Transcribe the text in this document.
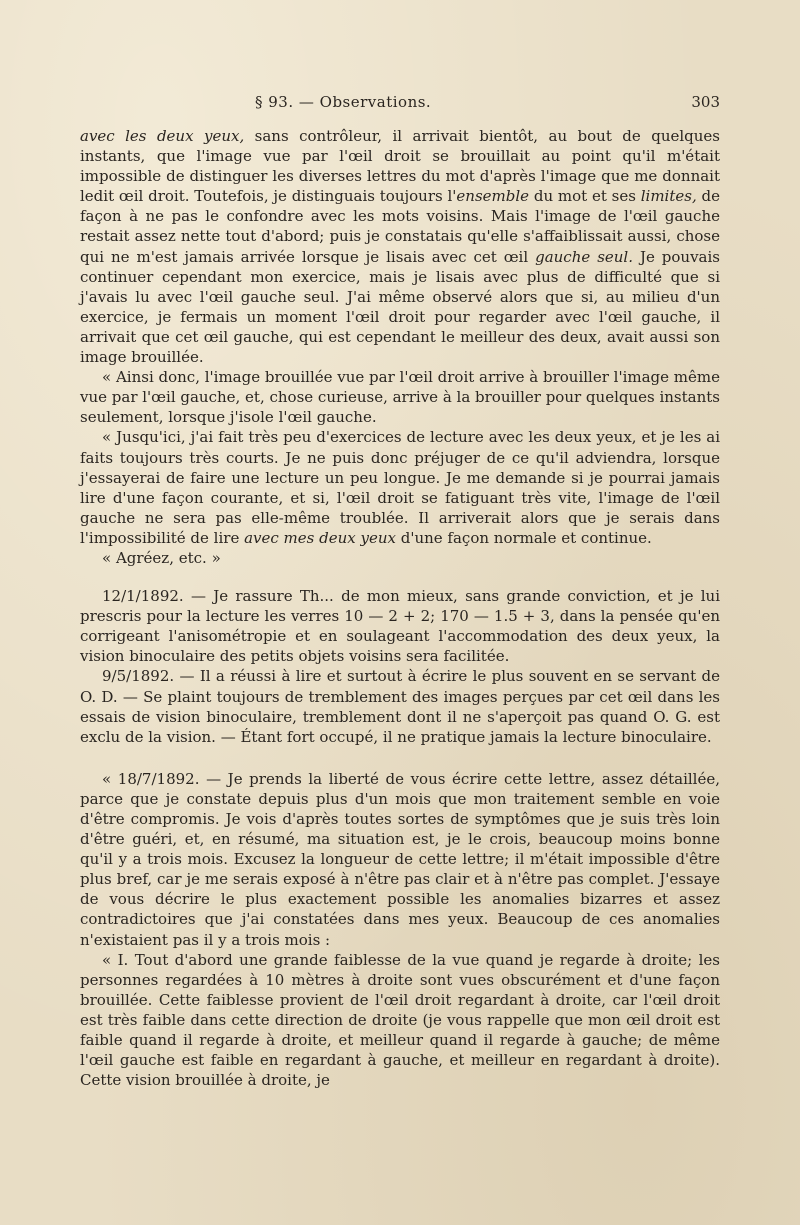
§ 93. — Observations.	303

avec les deux yeux, sans contrôleur, il arrivait bientôt, au bout de quelques instants, que l'image vue par l'œil droit se brouillait au point qu'il m'était impossible de distinguer les diverses lettres du mot d'après l'image que me donnait ledit œil droit. Toutefois, je distinguais toujours l'ensemble du mot et ses limites, de façon à ne pas le confondre avec les mots voisins. Mais l'image de l'œil gauche restait assez nette tout d'abord; puis je constatais qu'elle s'affaiblissait aussi, chose qui ne m'est jamais arrivée lorsque je lisais avec cet œil gauche seul. Je pouvais continuer cependant mon exercice, mais je lisais avec plus de difficulté que si j'avais lu avec l'œil gauche seul. J'ai même observé alors que si, au milieu d'un exercice, je fermais un moment l'œil droit pour regarder avec l'œil gauche, il arrivait que cet œil gauche, qui est cependant le meilleur des deux, avait aussi son image brouillée.

« Ainsi donc, l'image brouillée vue par l'œil droit arrive à brouiller l'image même vue par l'œil gauche, et, chose curieuse, arrive à la brouiller pour quelques instants seulement, lorsque j'isole l'œil gauche.

« Jusqu'ici, j'ai fait très peu d'exercices de lecture avec les deux yeux, et je les ai faits toujours très courts. Je ne puis donc préjuger de ce qu'il adviendra, lorsque j'essayerai de faire une lecture un peu longue. Je me demande si je pourrai jamais lire d'une façon courante, et si, l'œil droit se fatiguant très vite, l'image de l'œil gauche ne sera pas elle-même troublée. Il arriverait alors que je serais dans l'impossibilité de lire avec mes deux yeux d'une façon normale et continue.

« Agréez, etc. »

12/1/1892. — Je rassure Th... de mon mieux, sans grande conviction, et je lui prescris pour la lecture les verres 10 — 2 + 2; 170 — 1.5 + 3, dans la pensée qu'en corrigeant l'anisométropie et en soulageant l'accommodation des deux yeux, la vision binoculaire des petits objets voisins sera facilitée.

9/5/1892. — Il a réussi à lire et surtout à écrire le plus souvent en se servant de O. D. — Se plaint toujours de tremblement des images perçues par cet œil dans les essais de vision binoculaire, tremblement dont il ne s'aperçoit pas quand O. G. est exclu de la vision. — Étant fort occupé, il ne pratique jamais la lecture binoculaire.

« 18/7/1892. — Je prends la liberté de vous écrire cette lettre, assez détaillée, parce que je constate depuis plus d'un mois que mon traitement semble en voie d'être compromis. Je vois d'après toutes sortes de symptômes que je suis très loin d'être guéri, et, en résumé, ma situation est, je le crois, beaucoup moins bonne qu'il y a trois mois. Excusez la longueur de cette lettre; il m'était impossible d'être plus bref, car je me serais exposé à n'être pas clair et à n'être pas complet. J'essaye de vous décrire le plus exactement possible les anomalies bizarres et assez contradictoires que j'ai constatées dans mes yeux. Beaucoup de ces anomalies n'existaient pas il y a trois mois :

« I. Tout d'abord une grande faiblesse de la vue quand je regarde à droite; les personnes regardées à 10 mètres à droite sont vues obscurément et d'une façon brouillée. Cette faiblesse provient de l'œil droit regardant à droite, car l'œil droit est très faible dans cette direction de droite (je vous rappelle que mon œil droit est faible quand il regarde à droite, et meilleur quand il regarde à gauche; de même l'œil gauche est faible en regardant à gauche, et meilleur en regardant à droite). Cette vision brouillée à droite, je
